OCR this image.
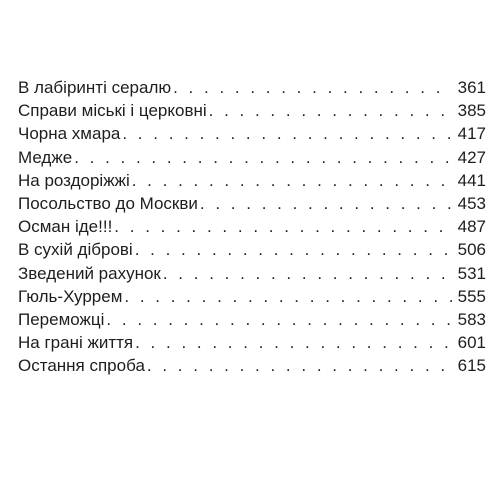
В лабіринті сералю . . .	361
Справи міські і церковні . . .	385
Чорна хмара . . .	417
Медже . . .	427
На роздоріжжі . . .	441
Посольство до Москви . . .	453
Осман іде!!! . . .	487
В сухій діброві . . .	506
Зведений рахунок . . .	531
Гюль-Хуррем . . .	555
Переможці . . .	583
На грані життя . . .	601
Остання спроба . . .	615
